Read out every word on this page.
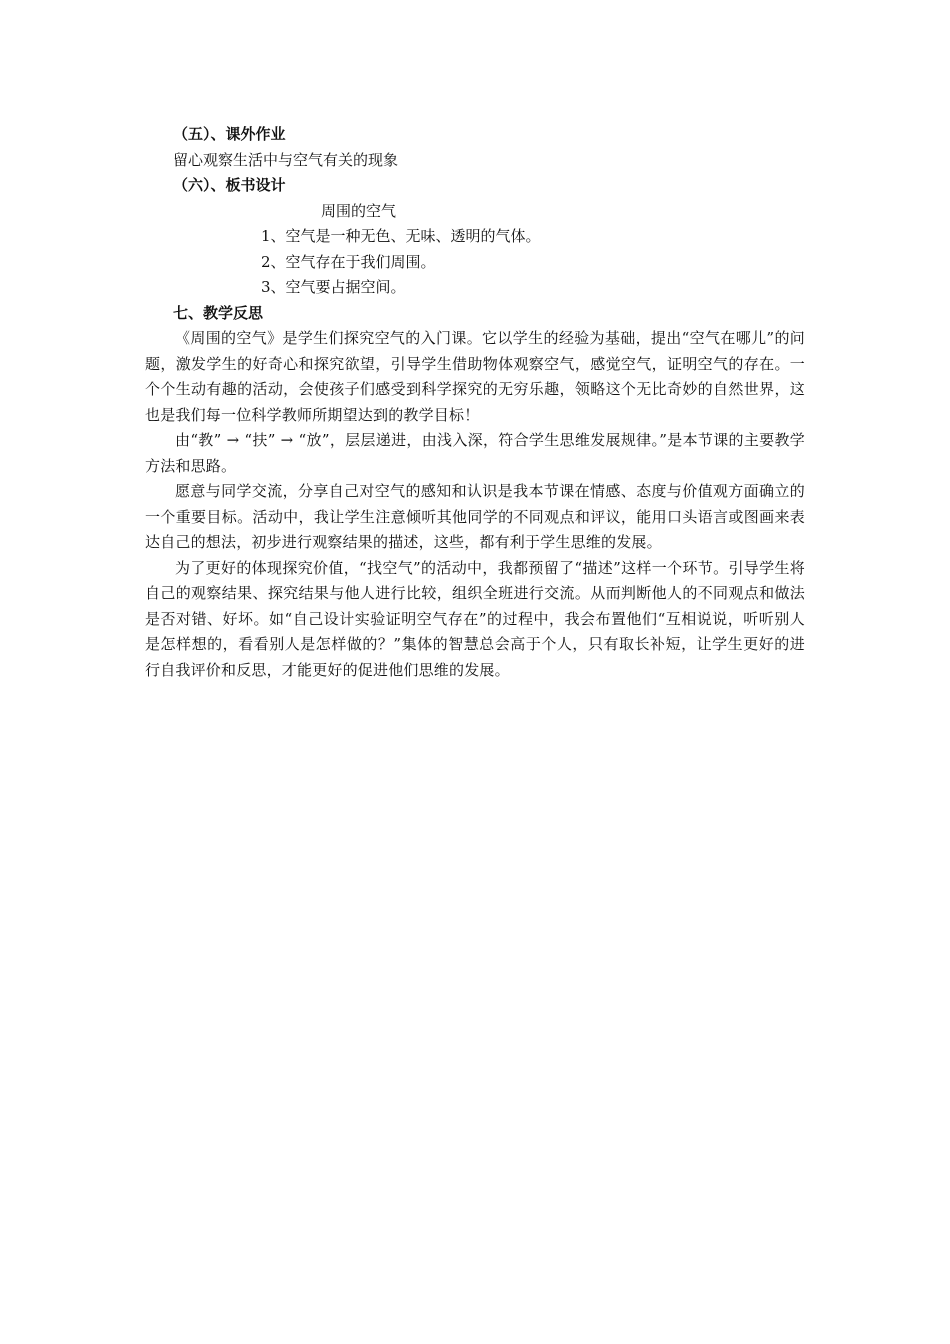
（五）、课外作业

留心观察生活中与空气有关的现象

（六）、板书设计

周围的空气

1、空气是一种无色、无味、透明的气体。

2、空气存在于我们周围。

3、空气要占据空间。

七、教学反思

《周围的空气》是学生们探究空气的入门课。它以学生的经验为基础，提出“空气在哪儿”的问题，激发学生的好奇心和探究欲望，引导学生借助物体观察空气，感觉空气，证明空气的存在。一个个生动有趣的活动，会使孩子们感受到科学探究的无穷乐趣，领略这个无比奇妙的自然世界，这也是我们每一位科学教师所期望达到的教学目标！

由“教” → “扶” → “放”，层层递进，由浅入深，符合学生思维发展规律。”是本节课的主要教学方法和思路。

愿意与同学交流，分享自己对空气的感知和认识是我本节课在情感、态度与价值观方面确立的一个重要目标。活动中，我让学生注意倾听其他同学的不同观点和评议，能用口头语言或图画来表达自己的想法，初步进行观察结果的描述，这些，都有利于学生思维的发展。

为了更好的体现探究价值，“找空气”的活动中，我都预留了“描述”这样一个环节。引导学生将自己的观察结果、探究结果与他人进行比较，组织全班进行交流。从而判断他人的不同观点和做法是否对错、好坏。如“自己设计实验证明空气存在”的过程中，我会布置他们“互相说说，听听别人是怎样想的，看看别人是怎样做的？”集体的智慧总会高于个人，只有取长补短，让学生更好的进行自我评价和反思，才能更好的促进他们思维的发展。
